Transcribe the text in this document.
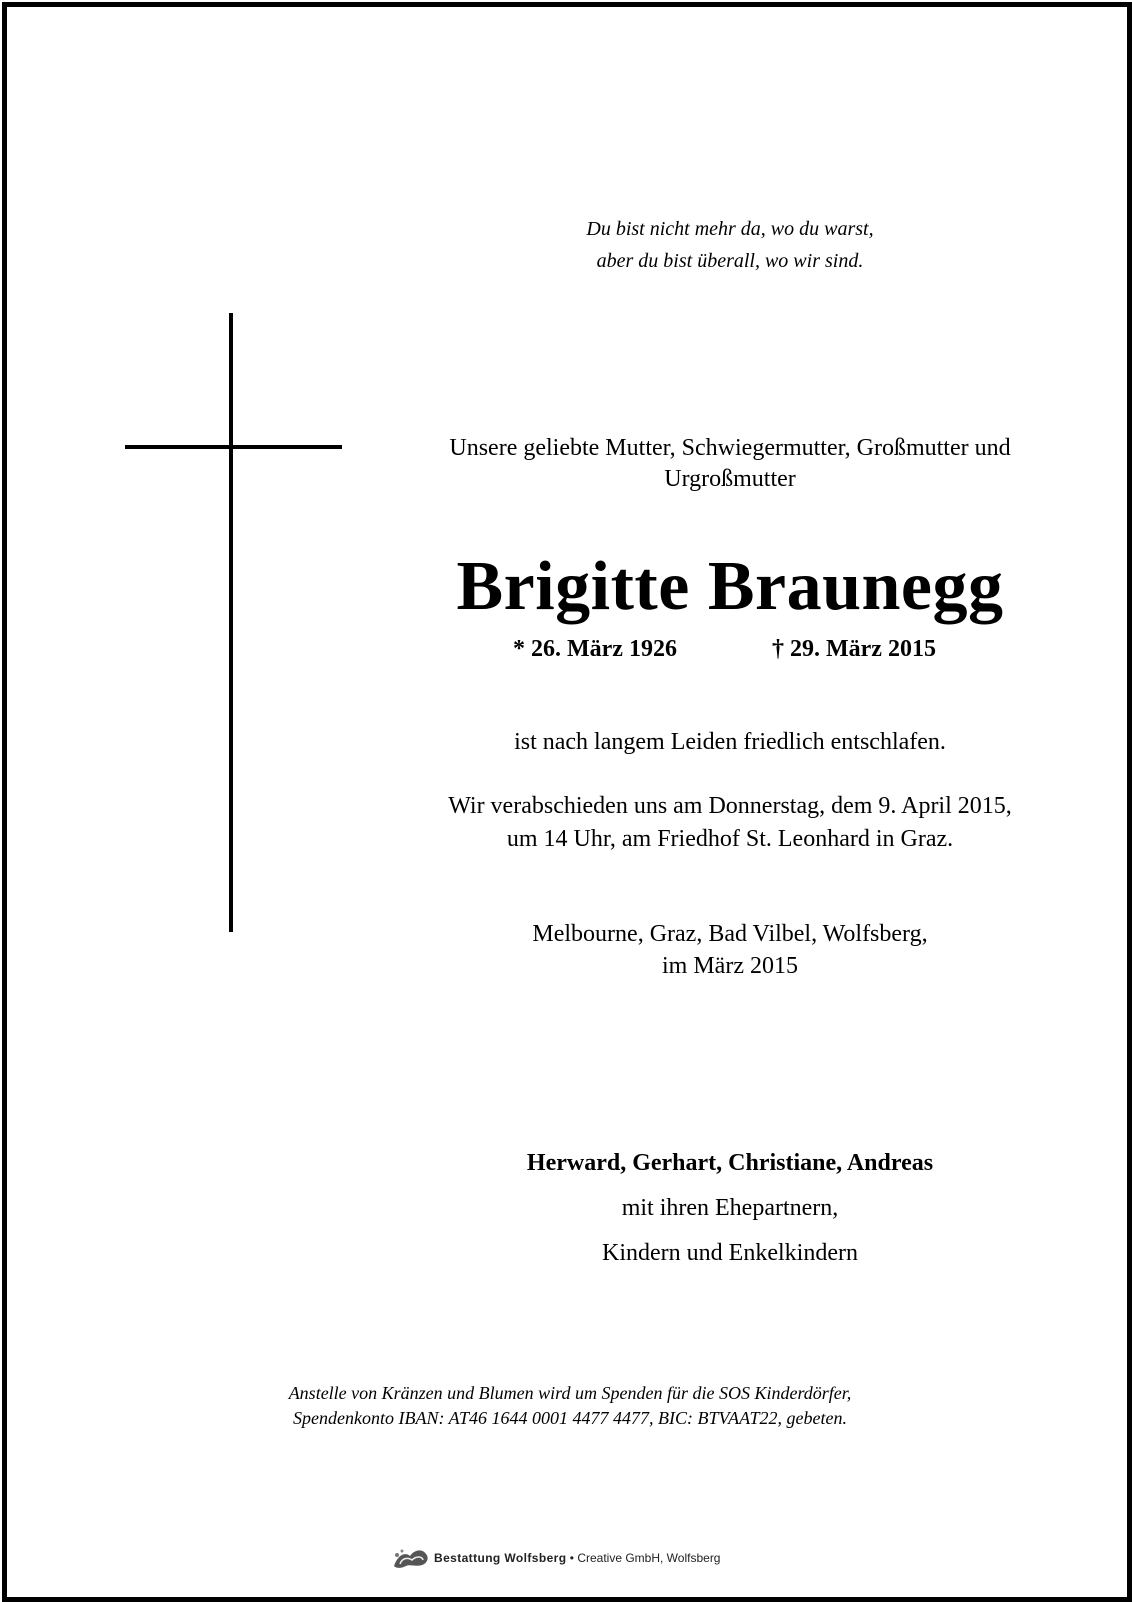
Du bist nicht mehr da, wo du warst,
aber du bist überall, wo wir sind.
Unsere geliebte Mutter, Schwiegermutter, Großmutter und
Urgroßmutter
Brigitte Braunegg
* 26. März 1926	† 29. März 2015
ist nach langem Leiden friedlich entschlafen.
Wir verabschieden uns am Donnerstag, dem 9. April 2015,
um 14 Uhr, am Friedhof St. Leonhard in Graz.
Melbourne, Graz, Bad Vilbel, Wolfsberg,
im März 2015
Herward, Gerhart, Christiane, Andreas
mit ihren Ehepartnern,
Kindern und Enkelkindern
Anstelle von Kränzen und Blumen wird um Spenden für die SOS Kinderdörfer,
Spendenkonto IBAN: AT46 1644 0001 4477 4477, BIC: BTVAAT22, gebeten.
Bestattung Wolfsberg • Creative GmbH, Wolfsberg
